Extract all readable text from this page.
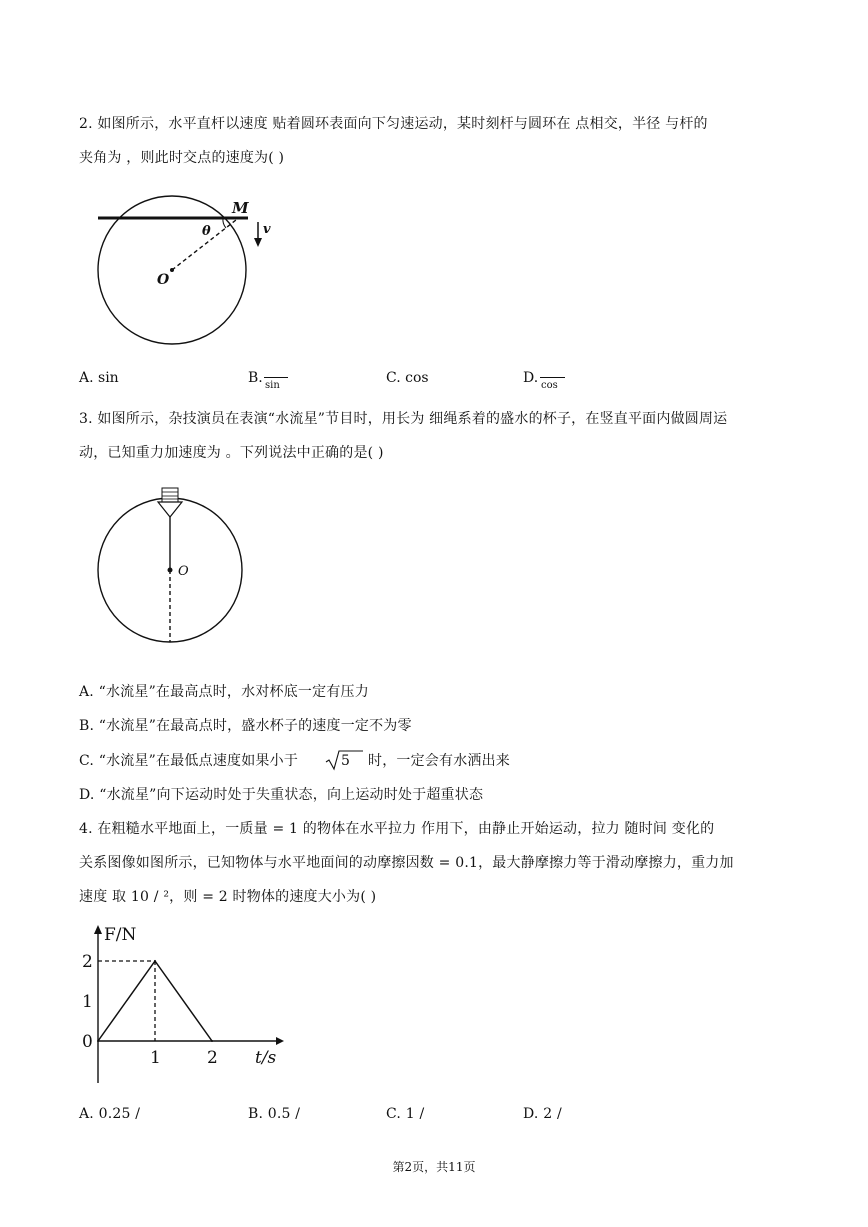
2. 如图所示，水平直杆以速度 贴着圆环表面向下匀速运动，某时刻杆与圆环在 点相交，半径 与杆的
夹角为 ，则此时交点的速度为( )
M
θ	v
O
A. sin	B. sin	C. cos	D. cos
3. 如图所示，杂技演员在表演“水流星”节目时，用长为 细绳系着的盛水的杯子，在竖直平面内做圆周运
动，已知重力加速度为 。下列说法中正确的是( )
O
A. “水流星”在最高点时，水对杯底一定有压力
B. “水流星”在最高点时，盛水杯子的速度一定不为零
C. “水流星”在最低点速度如果小于	5 时，一定会有水洒出来
D. “水流星”向下运动时处于失重状态，向上运动时处于超重状态
4. 在粗糙水平地面上，一质量 = 1 的物体在水平拉力 作用下，由静止开始运动，拉力 随时间 变化的
关系图像如图所示，已知物体与水平地面间的动摩擦因数 = 0.1，最大静摩擦力等于滑动摩擦力，重力加
速度 取 10 / ²，则 = 2 时物体的速度大小为( )
F/N
t/s
0
1	2
1
2
A. 0.25 /	B. 0.5 /	C. 1 /	D. 2 /
第2页，共11页
